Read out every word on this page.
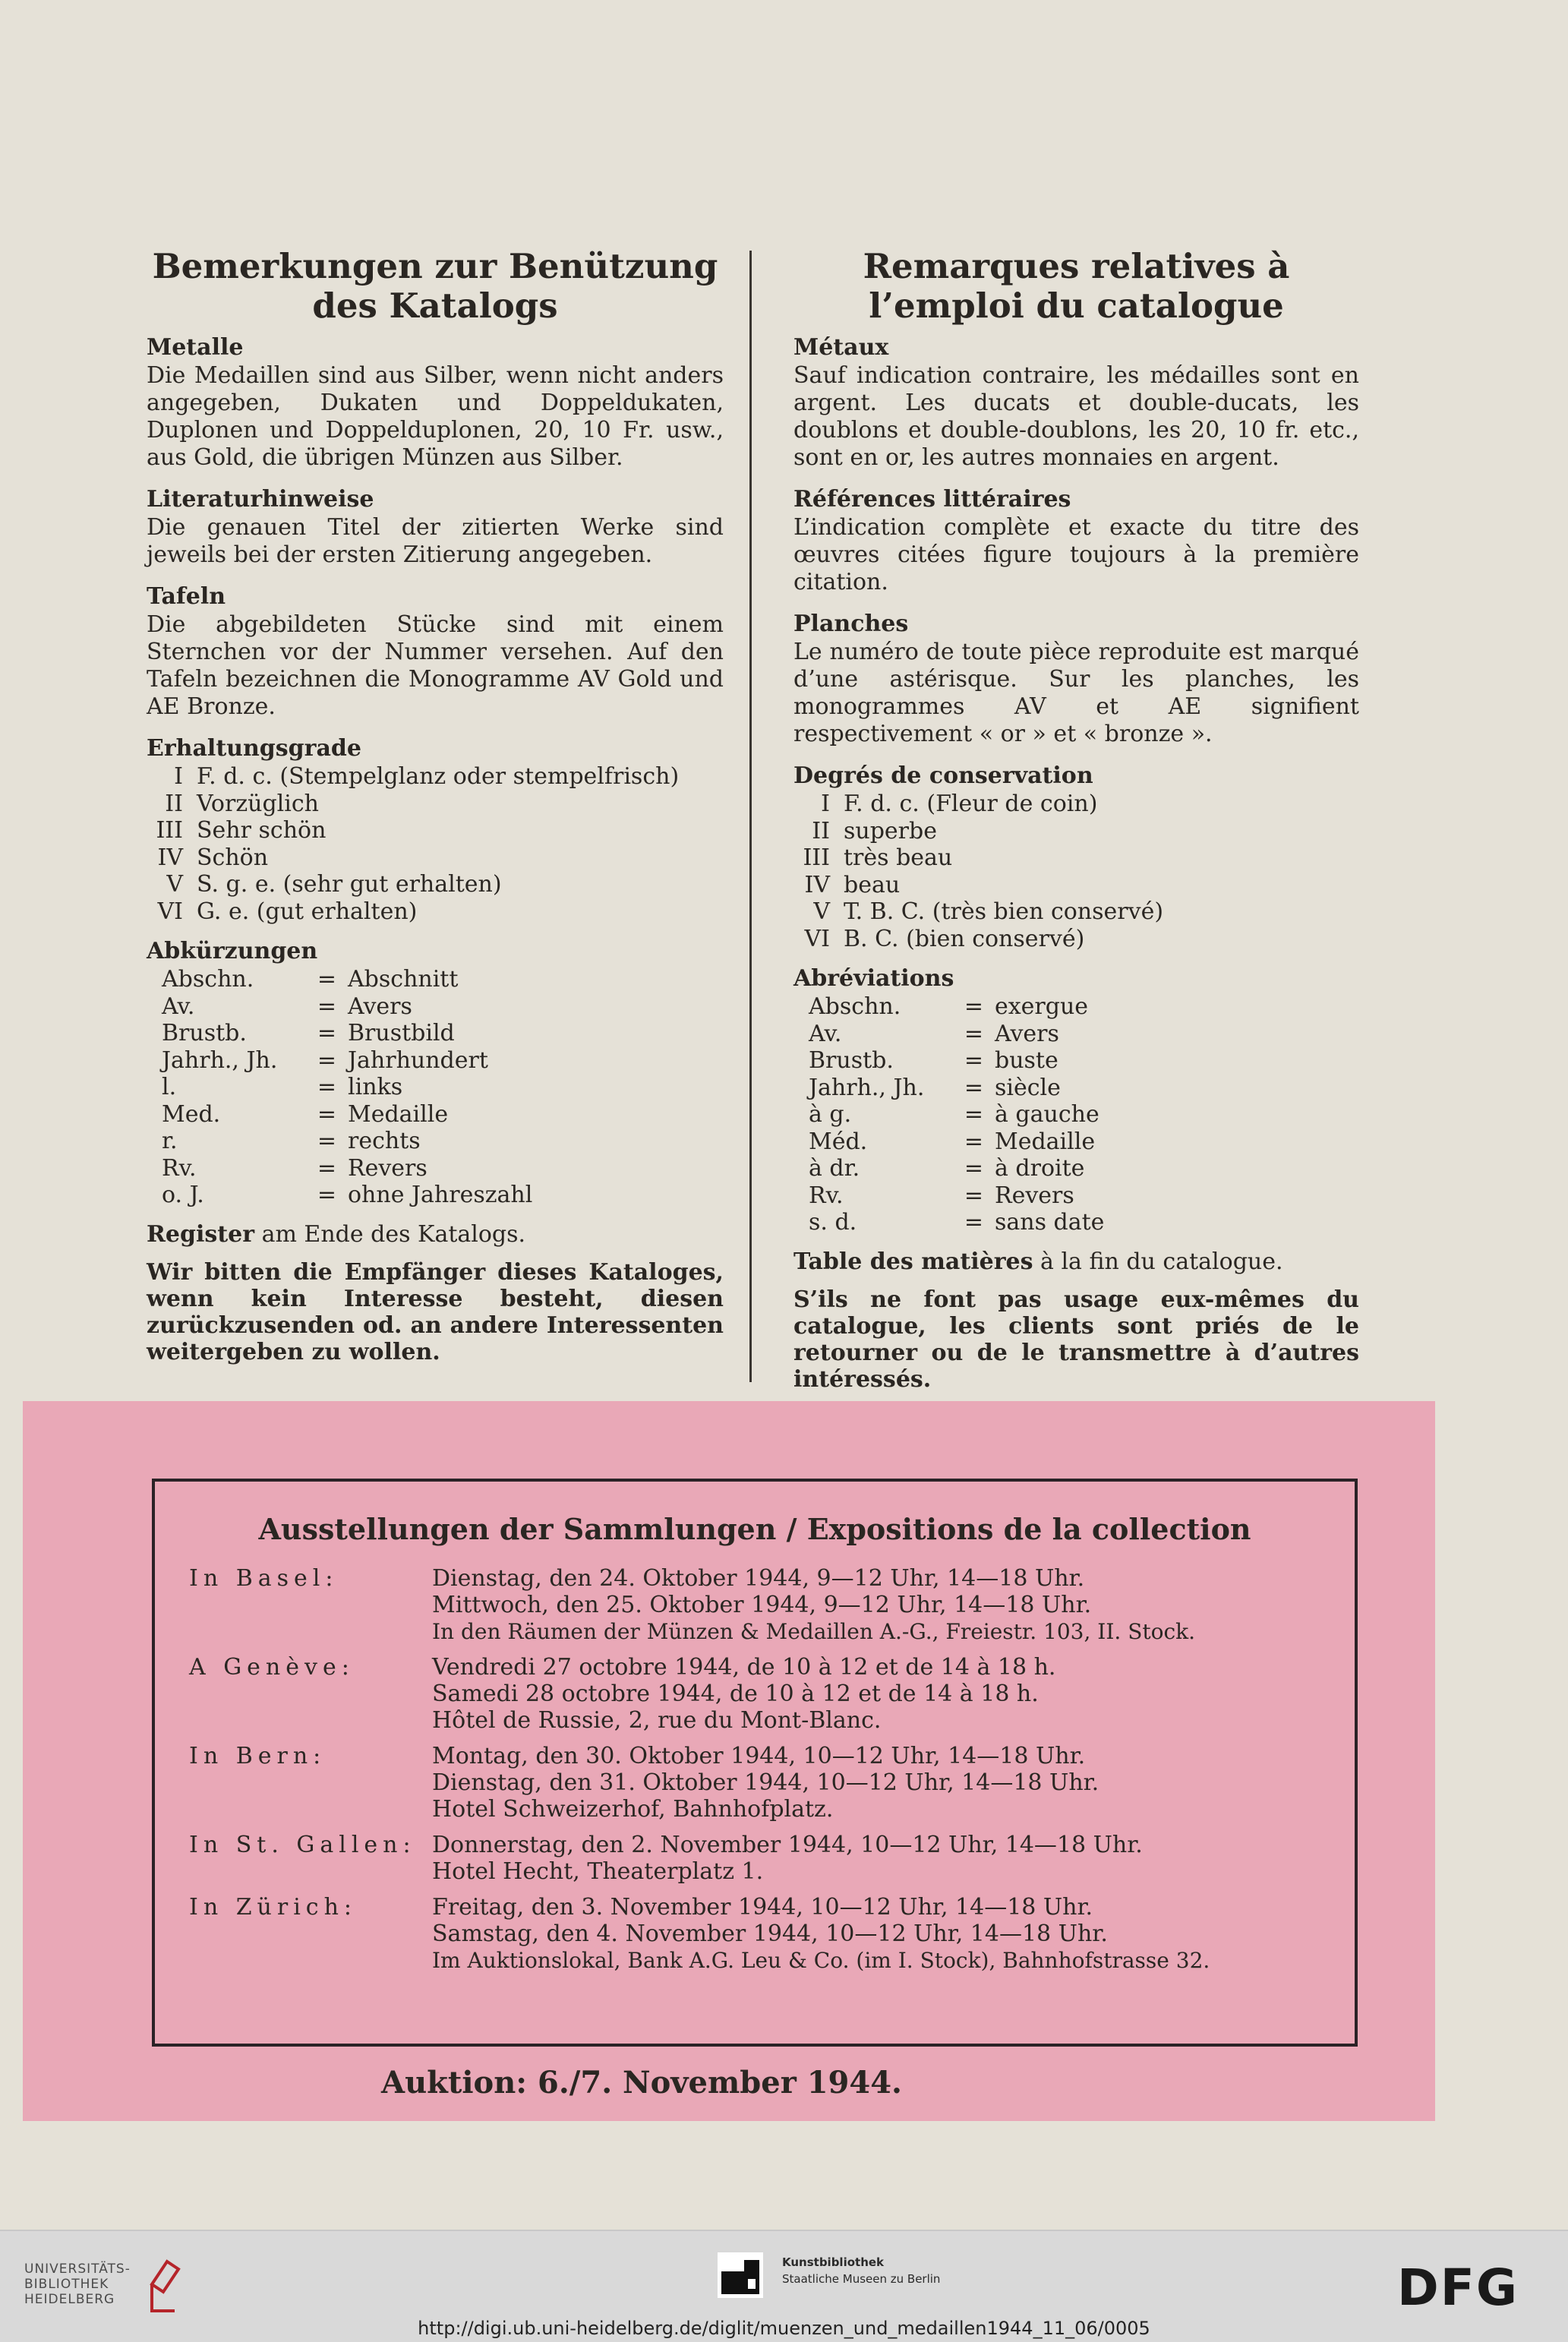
Bemerkungen zur Benützung des Katalogs

Metalle

Die Medaillen sind aus Silber, wenn nicht anders angegeben, Dukaten und Doppeldukaten, Duplonen und Doppelduplonen, 20, 10 Fr. usw., aus Gold, die übrigen Münzen aus Silber.

Literaturhinweise

Die genauen Titel der zitierten Werke sind jeweils bei der ersten Zitierung angegeben.

Tafeln

Die abgebildeten Stücke sind mit einem Sternchen vor der Nummer versehen. Auf den Tafeln bezeichnen die Monogramme AV Gold und AE Bronze.

Erhaltungsgrade

I F. d. c. (Stempelglanz oder stempelfrisch)
II Vorzüglich
III Sehr schön
IV Schön
V S. g. e. (sehr gut erhalten)
VI G. e. (gut erhalten)

Abkürzungen

Abschn.	= Abschnitt
Av.	= Avers
Brustb.	= Brustbild
Jahrh., Jh.	= Jahrhundert
l.	= links
Med.	= Medaille
r.	= rechts
Rv.	= Revers
o. J.	= ohne Jahreszahl

Register am Ende des Katalogs.

Wir bitten die Empfänger dieses Kataloges, wenn kein Interesse besteht, diesen zurückzusenden od. an andere Interessenten weitergeben zu wollen.

Remarques relatives à l’emploi du catalogue

Métaux

Sauf indication contraire, les médailles sont en argent. Les ducats et double-ducats, les doublons et double-doublons, les 20, 10 fr. etc., sont en or, les autres monnaies en argent.

Références littéraires

L’indication complète et exacte du titre des œuvres citées figure toujours à la première citation.

Planches

Le numéro de toute pièce reproduite est marqué d’une astérisque. Sur les planches, les monogrammes AV et AE signifient respectivement « or » et « bronze ».

Degrés de conservation

I F. d. c. (Fleur de coin)
II superbe
III très beau
IV beau
V T. B. C. (très bien conservé)
VI B. C. (bien conservé)

Abréviations

Abschn.	= exergue
Av.	= Avers
Brustb.	= buste
Jahrh., Jh.	= siècle
à g.	= à gauche
Méd.	= Medaille
à dr.	= à droite
Rv.	= Revers
s. d.	= sans date

Table des matières à la fin du catalogue.

S’ils ne font pas usage eux-mêmes du catalogue, les clients sont priés de le retourner ou de le transmettre à d’autres intéressés.

Ausstellungen der Sammlungen / Expositions de la collection
In Basel:	Dienstag, den 24. Oktober 1944, 9—12 Uhr, 14—18 Uhr.
Mittwoch, den 25. Oktober 1944, 9—12 Uhr, 14—18 Uhr.
In den Räumen der Münzen & Medaillen A.-G., Freiestr. 103, II. Stock.
A Genève:	Vendredi 27 octobre 1944, de 10 à 12 et de 14 à 18 h.
Samedi 28 octobre 1944, de 10 à 12 et de 14 à 18 h.
Hôtel de Russie, 2, rue du Mont-Blanc.
In Bern:	Montag, den 30. Oktober 1944, 10—12 Uhr, 14—18 Uhr.
Dienstag, den 31. Oktober 1944, 10—12 Uhr, 14—18 Uhr.
Hotel Schweizerhof, Bahnhofplatz.
In St. Gallen: Donnerstag, den 2. November 1944, 10—12 Uhr, 14—18 Uhr.
Hotel Hecht, Theaterplatz 1.
In Zürich:	Freitag, den 3. November 1944, 10—12 Uhr, 14—18 Uhr.
Samstag, den 4. November 1944, 10—12 Uhr, 14—18 Uhr.
Im Auktionslokal, Bank A.G. Leu & Co. (im I. Stock), Bahnhofstrasse 32.
Auktion: 6./7. November 1944.
UNIVERSITÄTS-
BIBLIOTHEK
HEIDELBERG
Kunstbibliothek
Staatliche Museen zu Berlin	DFG
http://digi.ub.uni-heidelberg.de/diglit/muenzen_und_medaillen1944_11_06/0005
